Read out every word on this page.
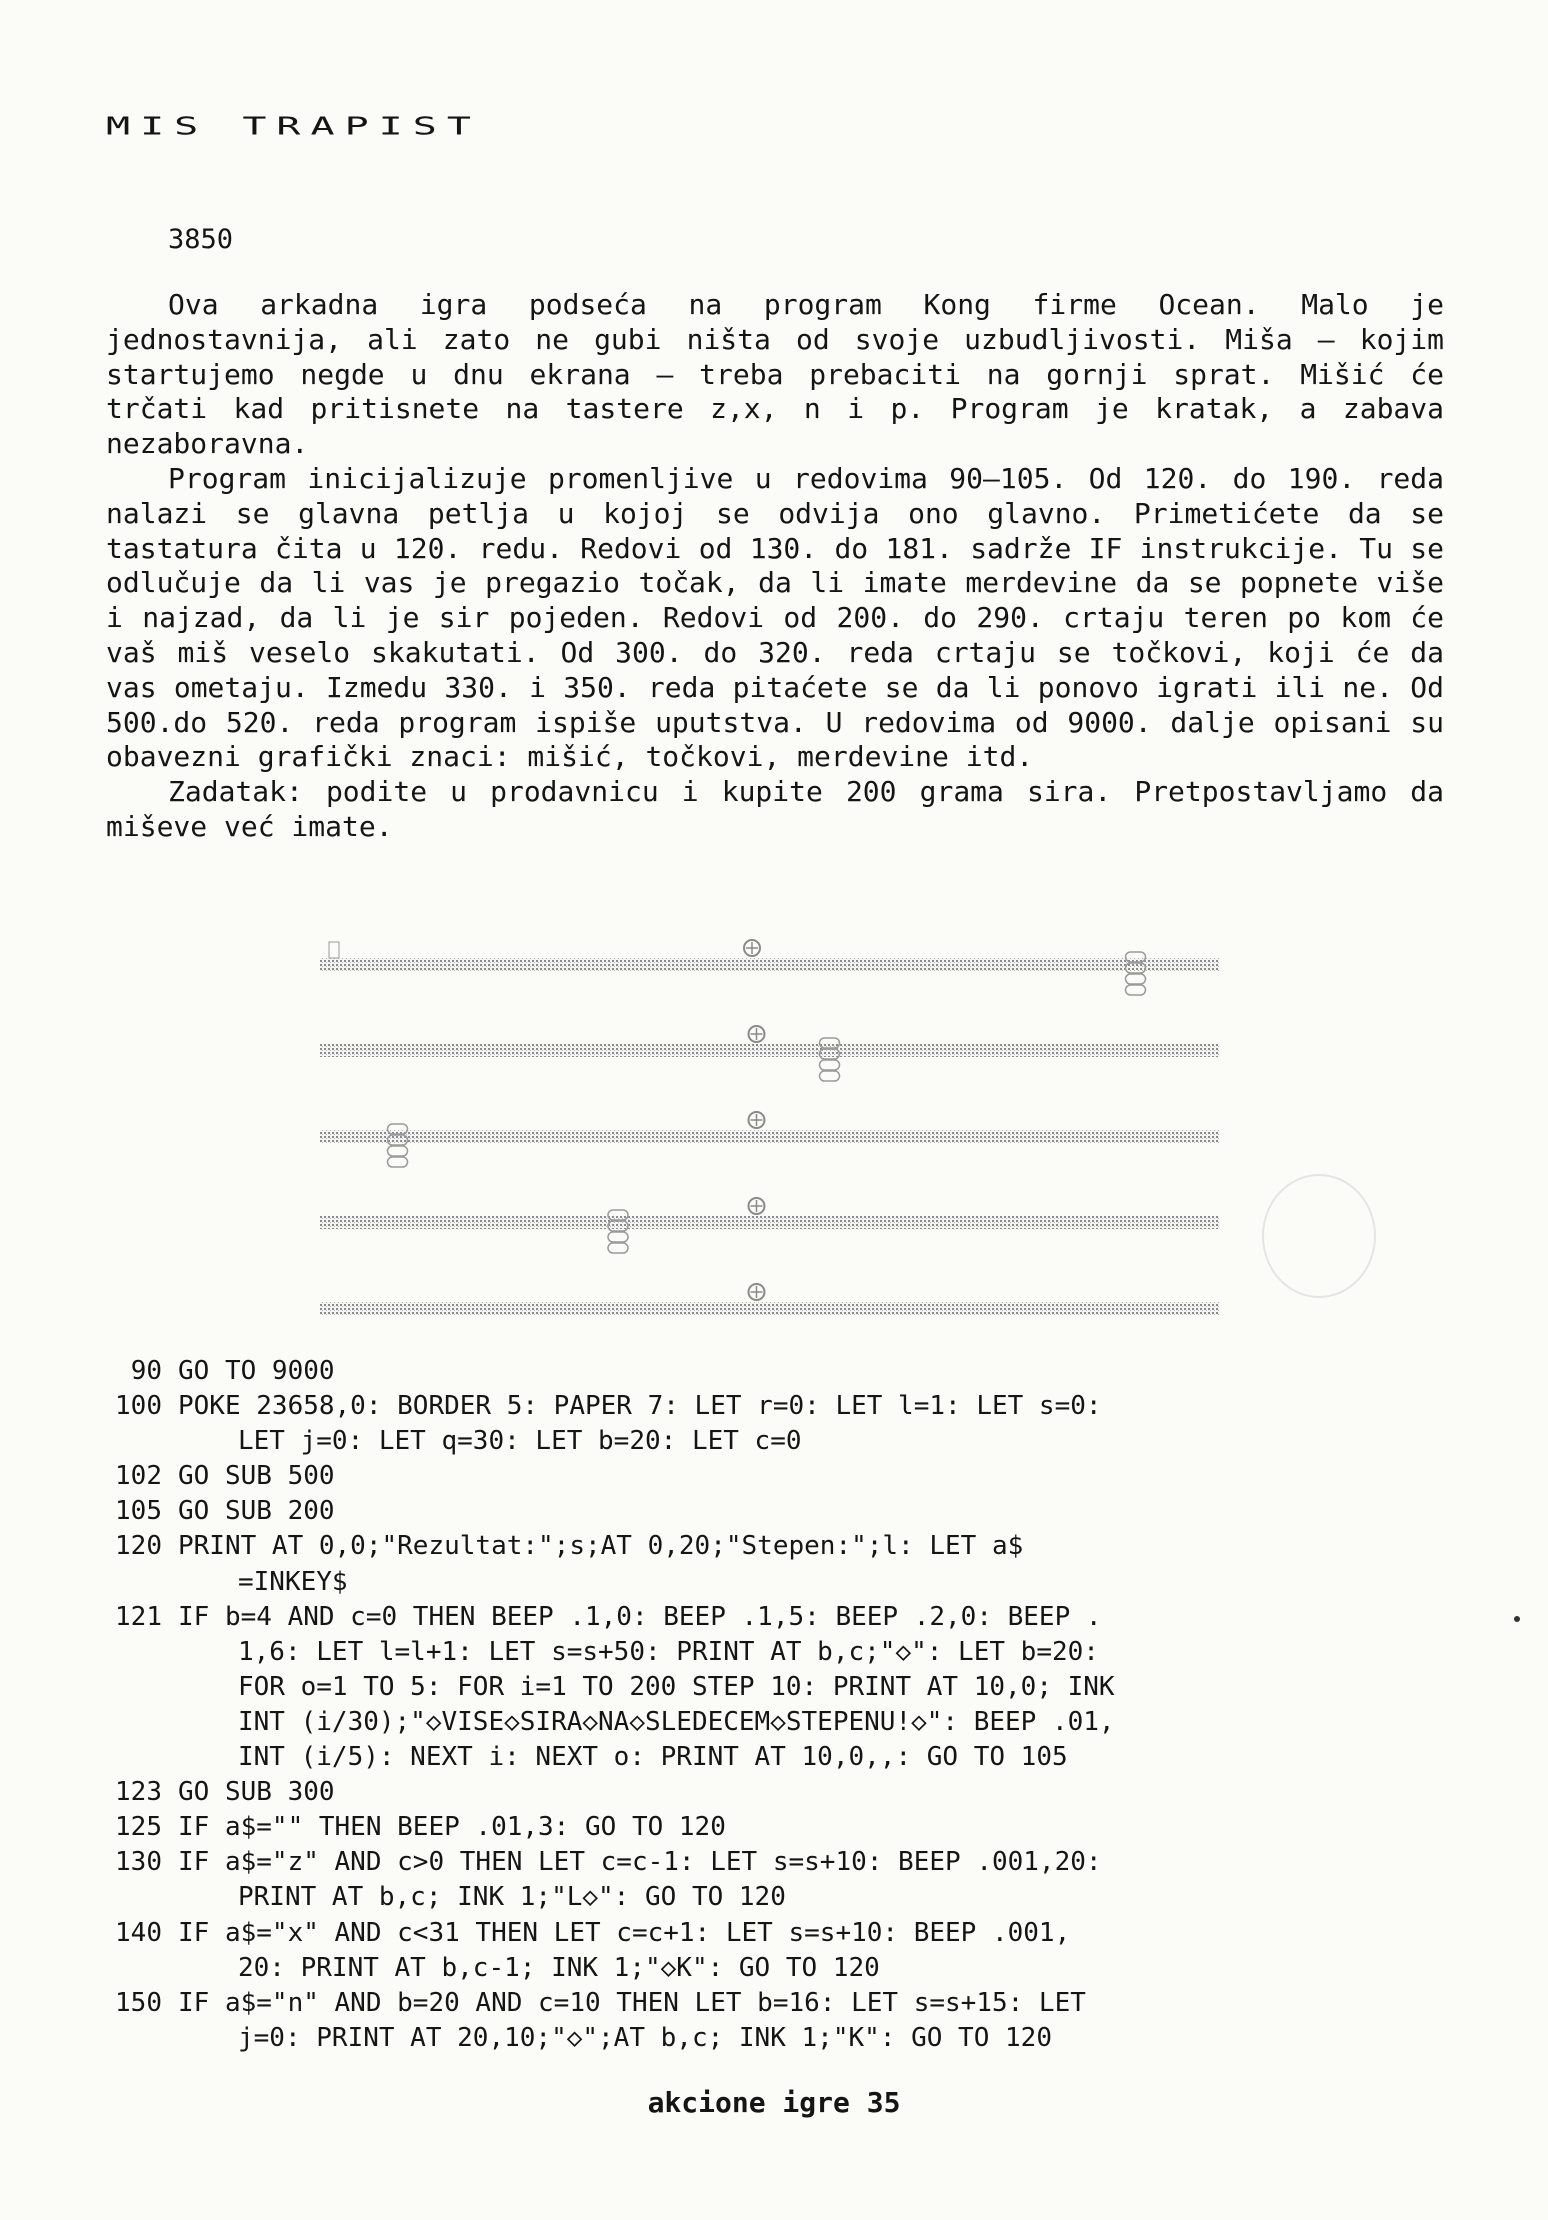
MIS TRAPIST
3850

Ova arkadna igra podseća na program Kong firme Ocean. Malo je jednostavnija, ali zato ne gubi ništa od svoje uzbudljivosti. Miša – kojim startujemo negde u dnu ekrana – treba prebaciti na gornji sprat. Mišić će trčati kad pritisnete na tastere z,x, n i p. Program je kratak, a zabava nezaboravna.

Program inicijalizuje promenljive u redovima 90–105. Od 120. do 190. reda nalazi se glavna petlja u kojoj se odvija ono glavno. Primetićete da se tastatura čita u 120. redu. Redovi od 130. do 181. sadrže IF instrukcije. Tu se odlučuje da li vas je pregazio točak, da li imate merdevine da se popnete više i najzad, da li je sir pojeden. Redovi od 200. do 290. crtaju teren po kom će vaš miš veselo skakutati. Od 300. do 320. reda crtaju se točkovi, koji će da vas ometaju. Izmedu 330. i 350. reda pitaćete se da li ponovo igrati ili ne. Od 500.do 520. reda program ispiše uputstva. U redovima od 9000. dalje opisani su obavezni grafički znaci: mišić, točkovi, merdevine itd.

Zadatak: podite u prodavnicu i kupite 200 grama sira. Pretpostavljamo da miševe već imate.

90 GO TO 9000
100 POKE 23658,0: BORDER 5: PAPER 7: LET r=0: LET l=1: LET s=0:
LET j=0: LET q=30: LET b=20: LET c=0
102 GO SUB 500
105 GO SUB 200
120 PRINT AT 0,0;"Rezultat:";s;AT 0,20;"Stepen:";l: LET a$
=INKEY$
121 IF b=4 AND c=0 THEN BEEP .1,0: BEEP .1,5: BEEP .2,0: BEEP .
1,6: LET l=l+1: LET s=s+50: PRINT AT b,c;"◇": LET b=20:
FOR o=1 TO 5: FOR i=1 TO 200 STEP 10: PRINT AT 10,0; INK
INT (i/30);"◇VISE◇SIRA◇NA◇SLEDECEM◇STEPENU!◇": BEEP .01,
INT (i/5): NEXT i: NEXT o: PRINT AT 10,0,,: GO TO 105
123 GO SUB 300
125 IF a$="" THEN BEEP .01,3: GO TO 120
130 IF a$="z" AND c>0 THEN LET c=c-1: LET s=s+10: BEEP .001,20:
PRINT AT b,c; INK 1;"L◇": GO TO 120
140 IF a$="x" AND c<31 THEN LET c=c+1: LET s=s+10: BEEP .001,
20: PRINT AT b,c-1; INK 1;"◇K": GO TO 120
150 IF a$="n" AND b=20 AND c=10 THEN LET b=16: LET s=s+15: LET
j=0: PRINT AT 20,10;"◇";AT b,c; INK 1;"K": GO TO 120
akcione igre 35
